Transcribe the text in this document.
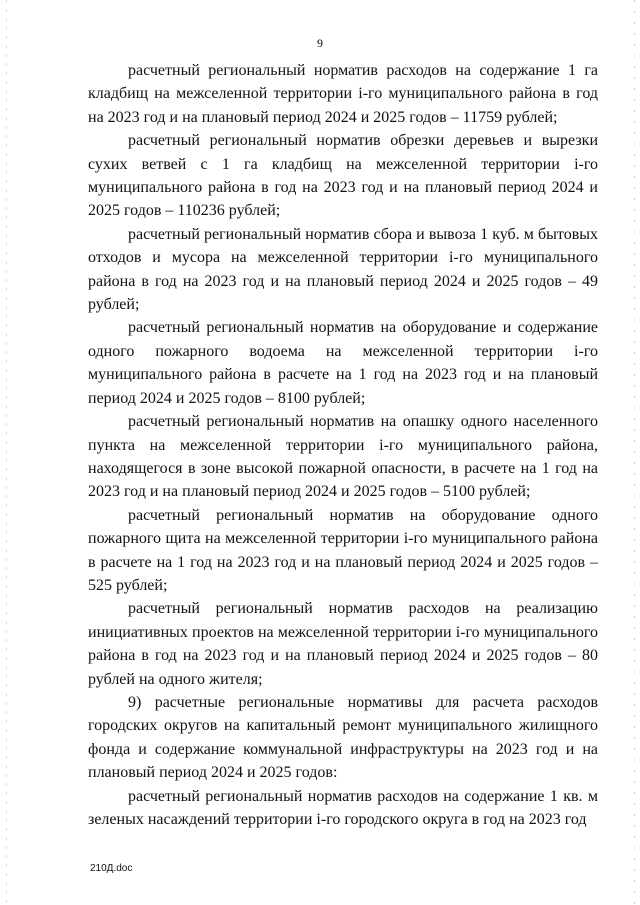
9

расчетный региональный норматив расходов на содержание 1 га кладбищ на межселенной территории i-го муниципального района в год на 2023 год и на плановый период 2024 и 2025 годов – 11759 рублей;

расчетный региональный норматив обрезки деревьев и вырезки сухих ветвей с 1 га кладбищ на межселенной территории i-го муниципального района в год на 2023 год и на плановый период 2024 и 2025 годов – 110236 рублей;

расчетный региональный норматив сбора и вывоза 1 куб. м бытовых отходов и мусора на межселенной территории i-го муниципального района в год на 2023 год и на плановый период 2024 и 2025 годов – 49 рублей;

расчетный региональный норматив на оборудование и содержание одного пожарного водоема на межселенной территории i-го муниципального района в расчете на 1 год на 2023 год и на плановый период 2024 и 2025 годов – 8100 рублей;

расчетный региональный норматив на опашку одного населенного пункта на межселенной территории i-го муниципального района, находящегося в зоне высокой пожарной опасности, в расчете на 1 год на 2023 год и на плановый период 2024 и 2025 годов – 5100 рублей;

расчетный региональный норматив на оборудование одного пожарного щита на межселенной территории i-го муниципального района в расчете на 1 год на 2023 год и на плановый период 2024 и 2025 годов – 525 рублей;

расчетный региональный норматив расходов на реализацию инициативных проектов на межселенной территории i-го муниципального района в год на 2023 год и на плановый период 2024 и 2025 годов – 80 рублей на одного жителя;

9) расчетные региональные нормативы для расчета расходов городских округов на капитальный ремонт муниципального жилищного фонда и содержание коммунальной инфраструктуры на 2023 год и на плановый период 2024 и 2025 годов:

расчетный региональный норматив расходов на содержание 1 кв. м зеленых насаждений территории i-го городского округа в год на 2023 год

210Д.doc
